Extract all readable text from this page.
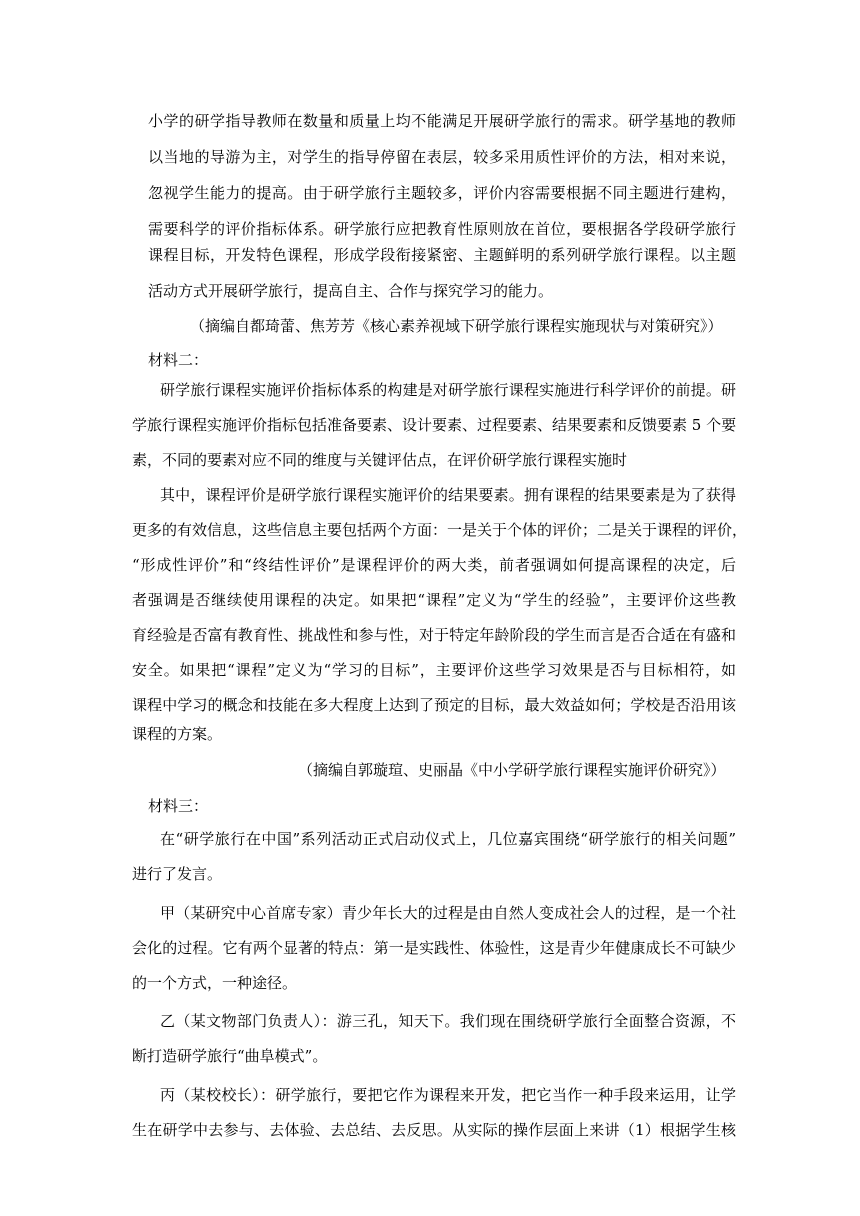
小学的研学指导教师在数量和质量上均不能满足开展研学旅行的需求。研学基地的教师

以当地的导游为主，对学生的指导停留在表层，较多采用质性评价的方法，相对来说，

忽视学生能力的提高。由于研学旅行主题较多，评价内容需要根据不同主题进行建构，

需要科学的评价指标体系。研学旅行应把教育性原则放在首位，要根据各学段研学旅行

课程目标，开发特色课程，形成学段衔接紧密、主题鲜明的系列研学旅行课程。以主题

活动方式开展研学旅行，提高自主、合作与探究学习的能力。

（摘编自都琦蕾、焦芳芳《核心素养视域下研学旅行课程实施现状与对策研究》）

材料二：

研学旅行课程实施评价指标体系的构建是对研学旅行课程实施进行科学评价的前提。研

学旅行课程实施评价指标包括准备要素、设计要素、过程要素、结果要素和反馈要素 5 个要

素，不同的要素对应不同的维度与关键评估点，在评价研学旅行课程实施时

其中，课程评价是研学旅行课程实施评价的结果要素。拥有课程的结果要素是为了获得

更多的有效信息，这些信息主要包括两个方面：一是关于个体的评价；二是关于课程的评价，

“形成性评价”和“终结性评价”是课程评价的两大类，前者强调如何提高课程的决定，后

者强调是否继续使用课程的决定。如果把“课程”定义为“学生的经验”，主要评价这些教

育经验是否富有教育性、挑战性和参与性，对于特定年龄阶段的学生而言是否合适在有盛和

安全。如果把“课程”定义为“学习的目标”，主要评价这些学习效果是否与目标相符，如

课程中学习的概念和技能在多大程度上达到了预定的目标，最大效益如何；学校是否沿用该

课程的方案。

（摘编自郭璇瑄、史丽晶《中小学研学旅行课程实施评价研究》）

材料三：

在“研学旅行在中国”系列活动正式启动仪式上，几位嘉宾围绕“研学旅行的相关问题”

进行了发言。

甲（某研究中心首席专家）青少年长大的过程是由自然人变成社会人的过程，是一个社

会化的过程。它有两个显著的特点：第一是实践性、体验性，这是青少年健康成长不可缺少

的一个方式，一种途径。

乙（某文物部门负责人）：游三孔，知天下。我们现在围绕研学旅行全面整合资源，不

断打造研学旅行“曲阜模式”。

丙（某校校长）：研学旅行，要把它作为课程来开发，把它当作一种手段来运用，让学

生在研学中去参与、去体验、去总结、去反思。从实际的操作层面上来讲（1）根据学生核
